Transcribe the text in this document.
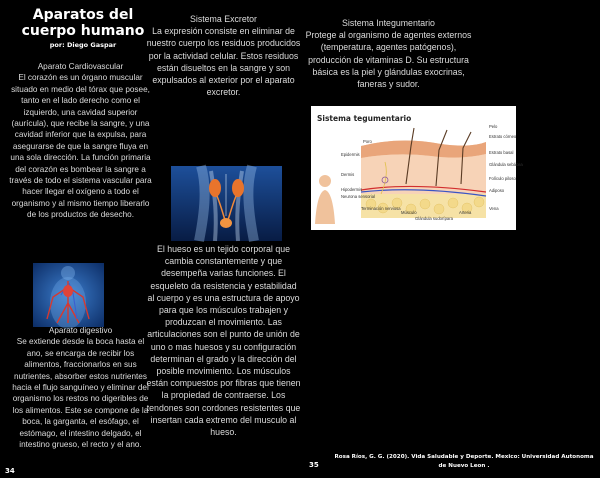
Aparatos del cuerpo humano
por: Diego Gaspar
Aparato Cardiovascular
El corazón es un órgano muscular situado en medio del tórax que posee, tanto en el lado derecho como el izquierdo, una cavidad superior (aurícula), que recibe la sangre, y una cavidad inferior que la expulsa, para asegurarse de que la sangre fluya en una sola dirección. La función primaria del corazón es bombear la sangre a través de todo el sistema vascular para hacer llegar el oxígeno a todo el organismo y al mismo tiempo liberarlo de los productos de desecho.
Aparato digestivo
Se extiende desde la boca hasta el ano, se encarga de recibir los alimentos, fraccionarlos en sus nutrientes, absorber estos nutrientes hacia el flujo sanguíneo y eliminar del organismo los restos no digeribles de los alimentos. Este se compone de la boca, la garganta, el esófago, el estómago, el intestino delgado, el intestino grueso, el recto y el ano.
34
Sistema Excretor
La expresión consiste en eliminar de nuestro cuerpo los residuos producidos por la actividad celular. Estos residuos están disueltos en la sangre y son expulsados al exterior por el aparato excretor.
El hueso es un tejido corporal que cambia constantemente y que desempeña varias funciones. El esqueleto da resistencia y estabilidad al cuerpo y es una estructura de apoyo para que los músculos trabajen y produzcan el movimiento. Las articulaciones son el punto de unión de uno o mas huesos y su configuración determinan el grado y la dirección del posible movimiento. Los músculos están compuestos por fibras que tienen la propiedad de contraerse. Los tendones son cordones resistentes que insertan cada extremo del musculo al hueso.
Sistema Integumentario
Protege al organismo de agentes externos (temperatura, agentes patógenos), producción de vitaminas D. Su estructura básica es la piel y glándulas exocrinas, faneras y sudor.
Sistema tegumentario
Poro
Epidermis
Dermis
Hipodermis
Neurona sensorial
Terminación nerviosa
Músculo
Glándula sudorípara
Pelo
Estrato córneo
Estrato basal
Glándula sebácea
Folículo piloso
Adiposo
Arteria
Vena
35
Rosa Ríos, G. G. (2020). Vida Saludable y Deporte. Mexico: Universidad Autonoma de Nuevo Leon .
